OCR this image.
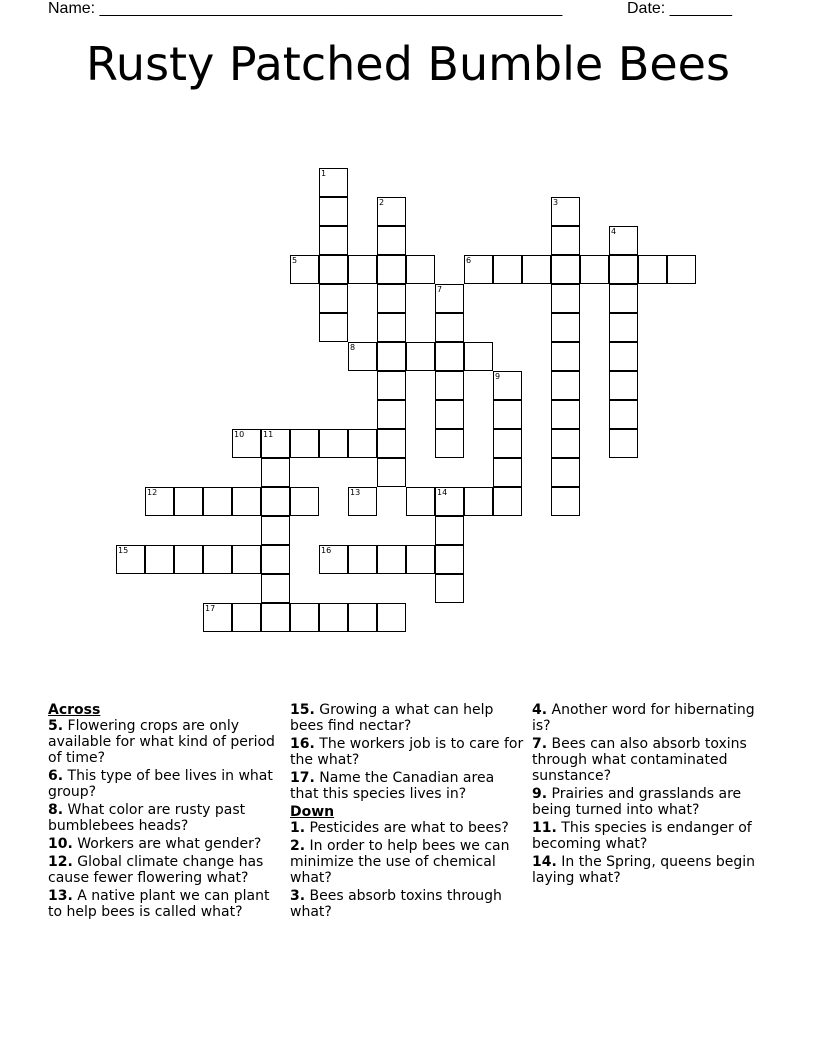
Name: ____________________________________________________	Date: _______
Rusty Patched Bumble Bees
1
2	3
4
5	6
7
8
9
10 11
12	13	14
15	16
17

Across

5. Flowering crops are only available for what kind of period of time?

6. This type of bee lives in what group?

8. What color are rusty past bumblebees heads?

10. Workers are what gender?

12. Global climate change has cause fewer flowering what?

13. A native plant we can plant to help bees is called what?

15. Growing a what can help bees find nectar?

16. The workers job is to care for the what?

17. Name the Canadian area that this species lives in?

Down

1. Pesticides are what to bees?

2. In order to help bees we can minimize the use of chemical what?

3. Bees absorb toxins through what?

4. Another word for hibernating is?

7. Bees can also absorb toxins through what contaminated sunstance?

9. Prairies and grasslands are being turned into what?

11. This species is endanger of becoming what?

14. In the Spring, queens begin laying what?
